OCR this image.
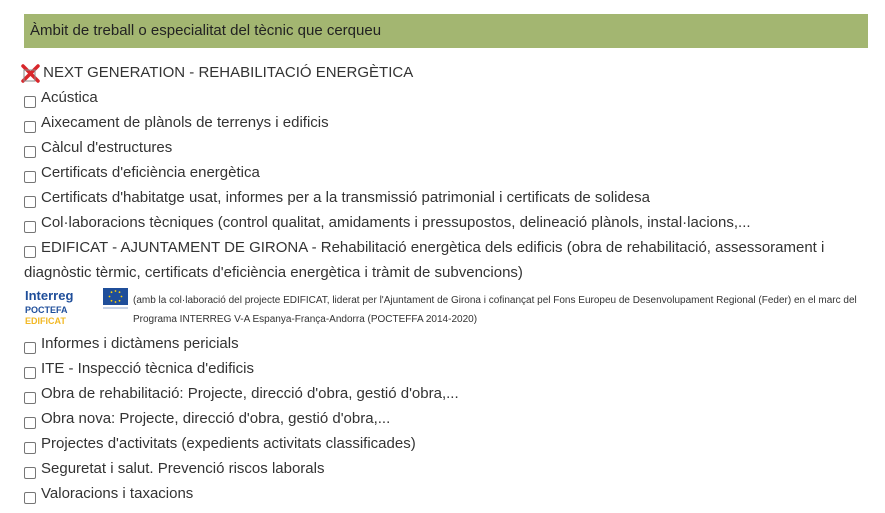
Àmbit de treball o especialitat del tècnic que cerqueu
NEXT GENERATION - REHABILITACIÓ ENERGÈTICA
Acústica
Aixecament de plànols de terrenys i edificis
Càlcul d'estructures
Certificats d'eficiència energètica
Certificats d'habitatge usat, informes per a la transmissió patrimonial i certificats de solidesa
Col·laboracions tècniques (control qualitat, amidaments i pressupostos, delineació plànols, instal·lacions,...
EDIFICAT - AJUNTAMENT DE GIRONA - Rehabilitació energètica dels edificis (obra de rehabilitació, assessorament i diagnòstic tèrmic, certificats d'eficiència energètica i tràmit de subvencions)
Interreg
POCTEFA
EDIFICAT
(amb la col·laboració del projecte EDIFICAT, liderat per l'Ajuntament de Girona i cofinançat pel Fons Europeu de Desenvolupament Regional (Feder) en el marc del Programa INTERREG V-A Espanya-França-Andorra (POCTEFFA 2014-2020)
Informes i dictàmens pericials
ITE - Inspecció tècnica d'edificis
Obra de rehabilitació: Projecte, direcció d'obra, gestió d'obra,...
Obra nova: Projecte, direcció d'obra, gestió d'obra,...
Projectes d'activitats (expedients activitats classificades)
Seguretat i salut. Prevenció riscos laborals
Valoracions i taxacions
